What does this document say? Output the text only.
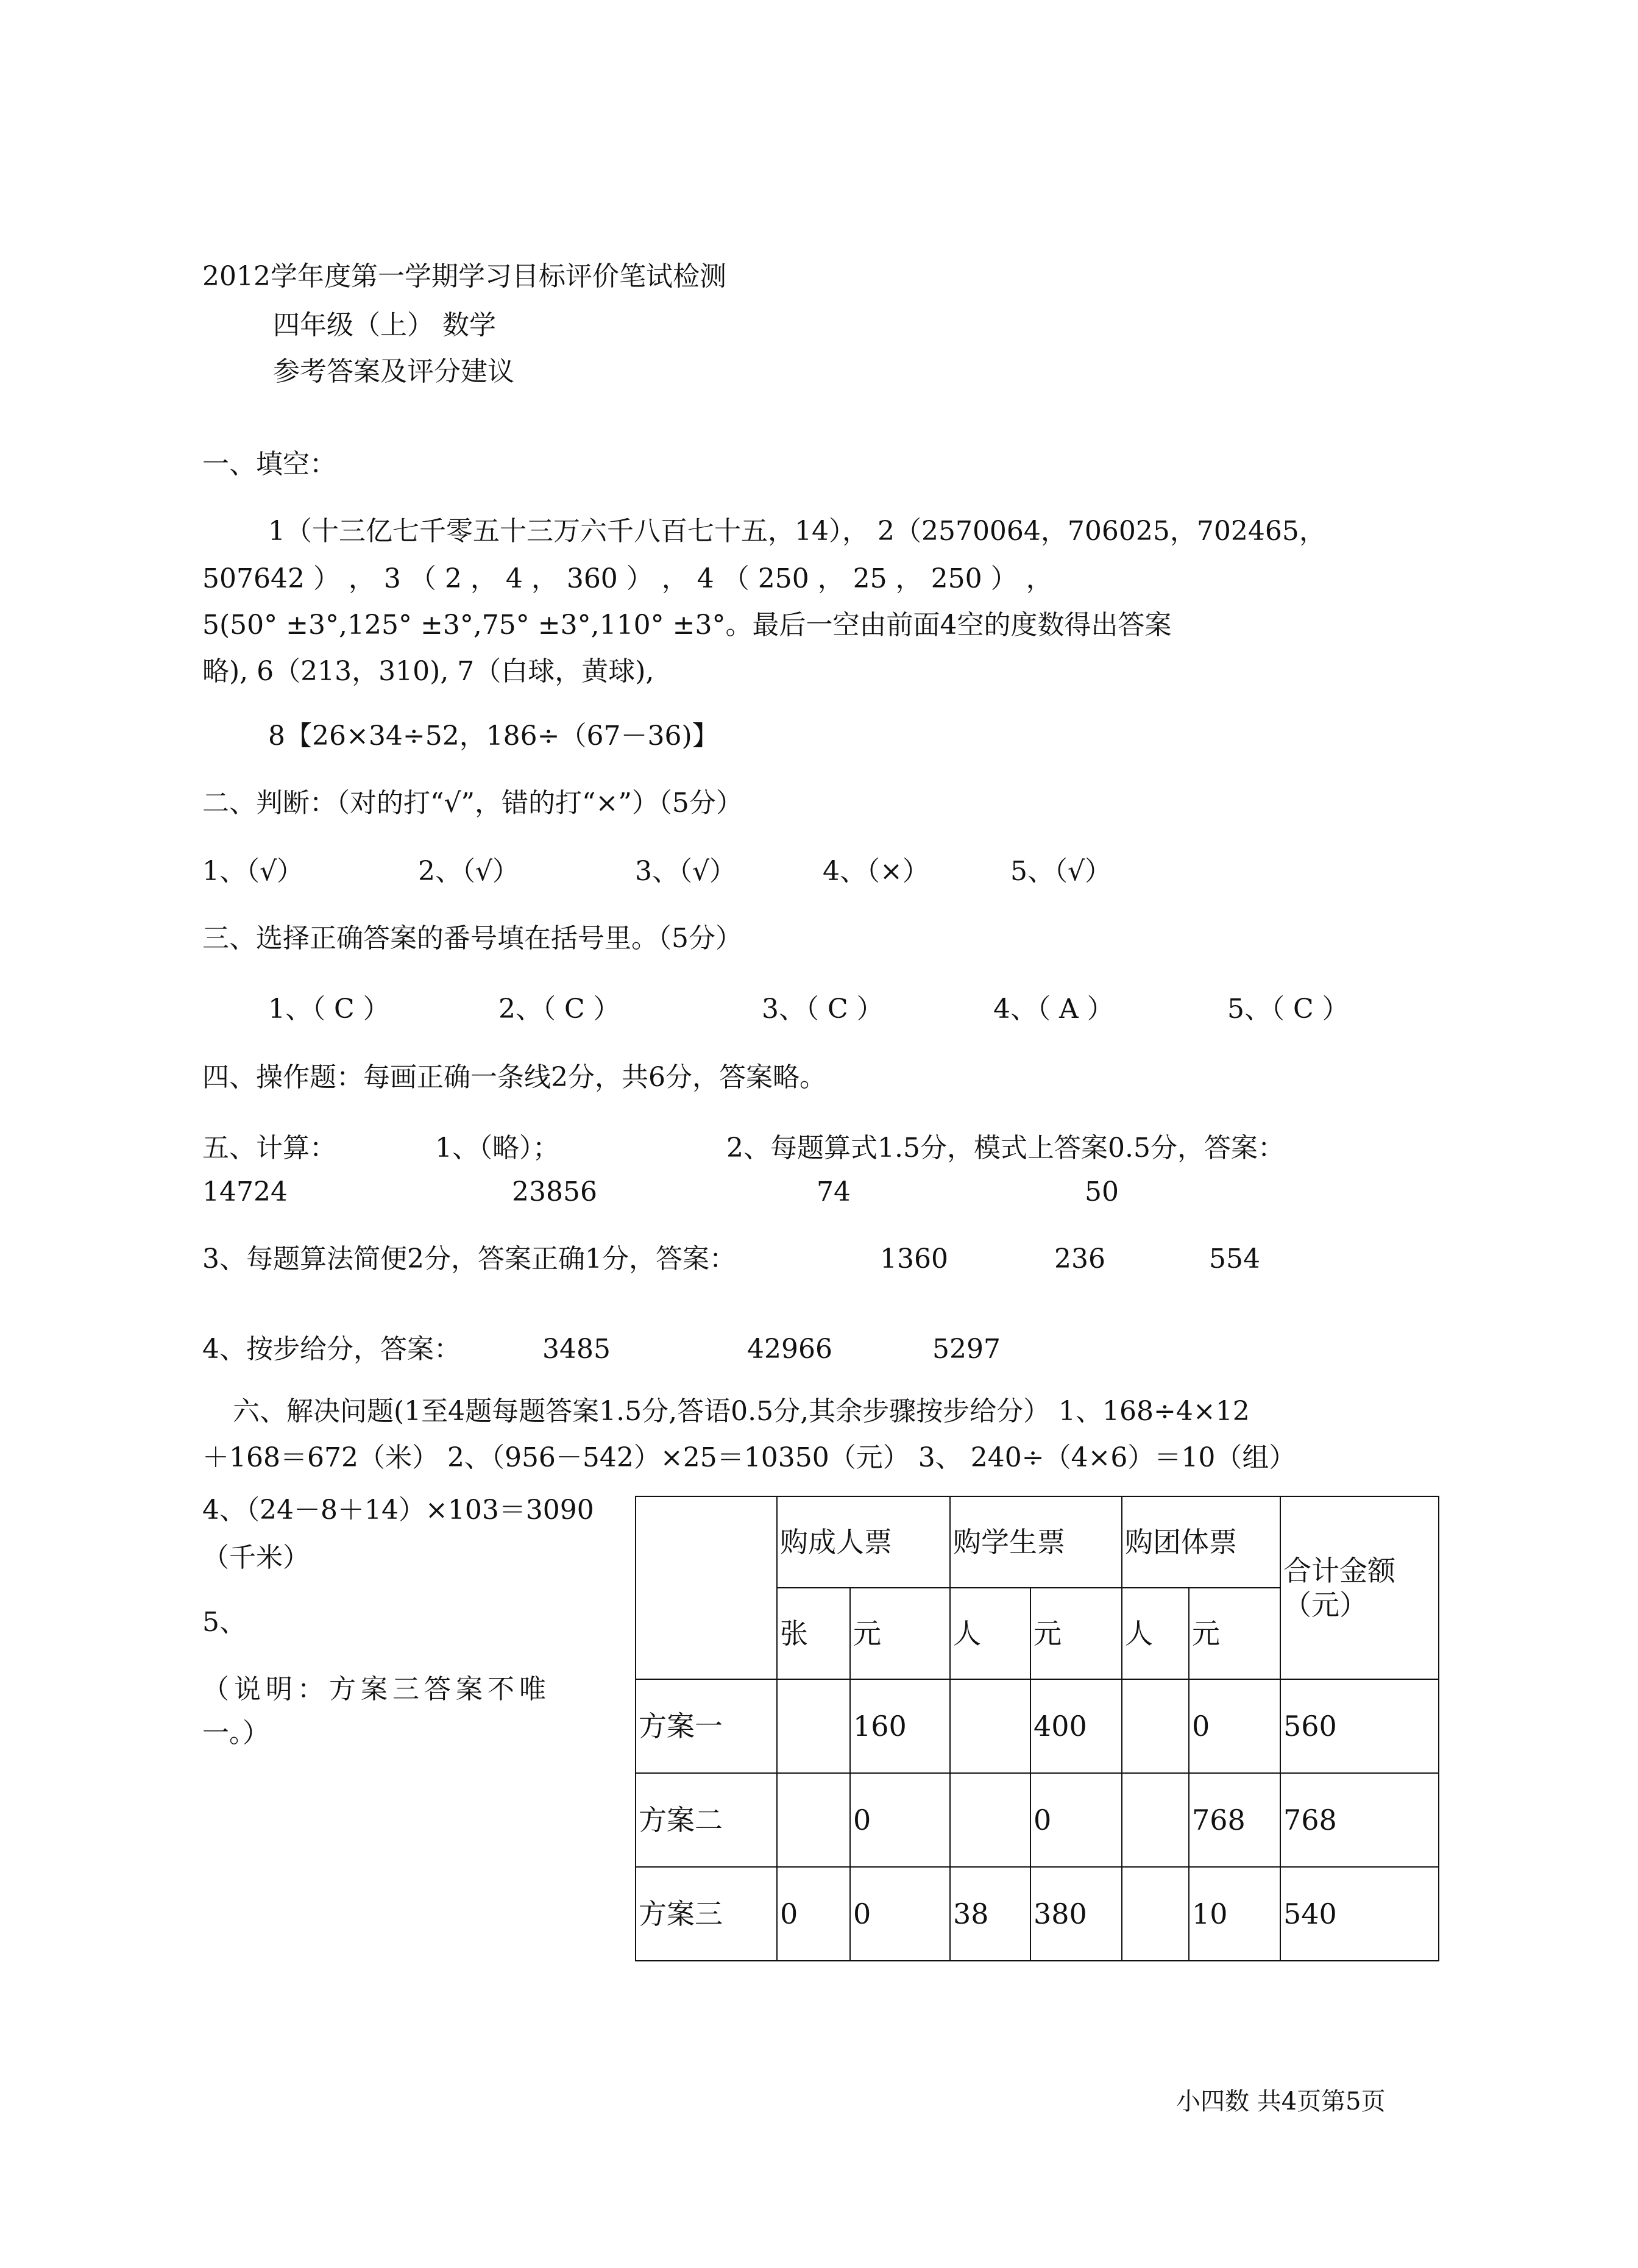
2012学年度第一学期学习目标评价笔试检测
四年级（上） 数学
参考答案及评分建议
一、填空：
1（十三亿七千零五十三万六千八百七十五，14）， 2（2570064，706025，702465，
507642 ） ， 3 （ 2 ， 4 ， 360 ） ， 4 （ 250 ， 25 ， 250 ） ，
5(50° ±3°,125° ±3°,75° ±3°,110° ±3°。最后一空由前面4空的度数得出答案
略), 6（213，310), 7（白球，黄球),
8【26×34÷52，186÷（67－36)】
二、判断：（对的打“√”，错的打“×”）（5分）
1、（√）	2、（√）	3、（√）	4、（×）	5、（√）
三、选择正确答案的番号填在括号里。（5分）
1、（ C ）	2、（ C ）	3、（ C ）	4、（ A ）	5、（ C ）
四、操作题：每画正确一条线2分，共6分，答案略。
五、计算：	1、（略）；	2、每题算式1.5分，模式上答案0.5分，答案：
14724	23856	74	50
3、每题算法简便2分，答案正确1分，答案：	1360	236	554
4、按步给分，答案：	3485	42966	5297
六、解决问题(1至4题每题答案1.5分,答语0.5分,其余步骤按步给分） 1、168÷4×12
＋168＝672（米） 2、（956－542）×25＝10350（元） 3、 240÷（4×6）＝10（组）
4、（24－8＋14）×103＝3090
（千米）
5、
（说明：方案三答案不唯
一。）
	购成人票		购学生票		购团体票		合计金额
（元）

	张	元	人	元	人	元	
方案一		160		400		0	560
方案二		0		0		768	768
方案三	0	0	38	380		10	540
小四数 共4页第5页
